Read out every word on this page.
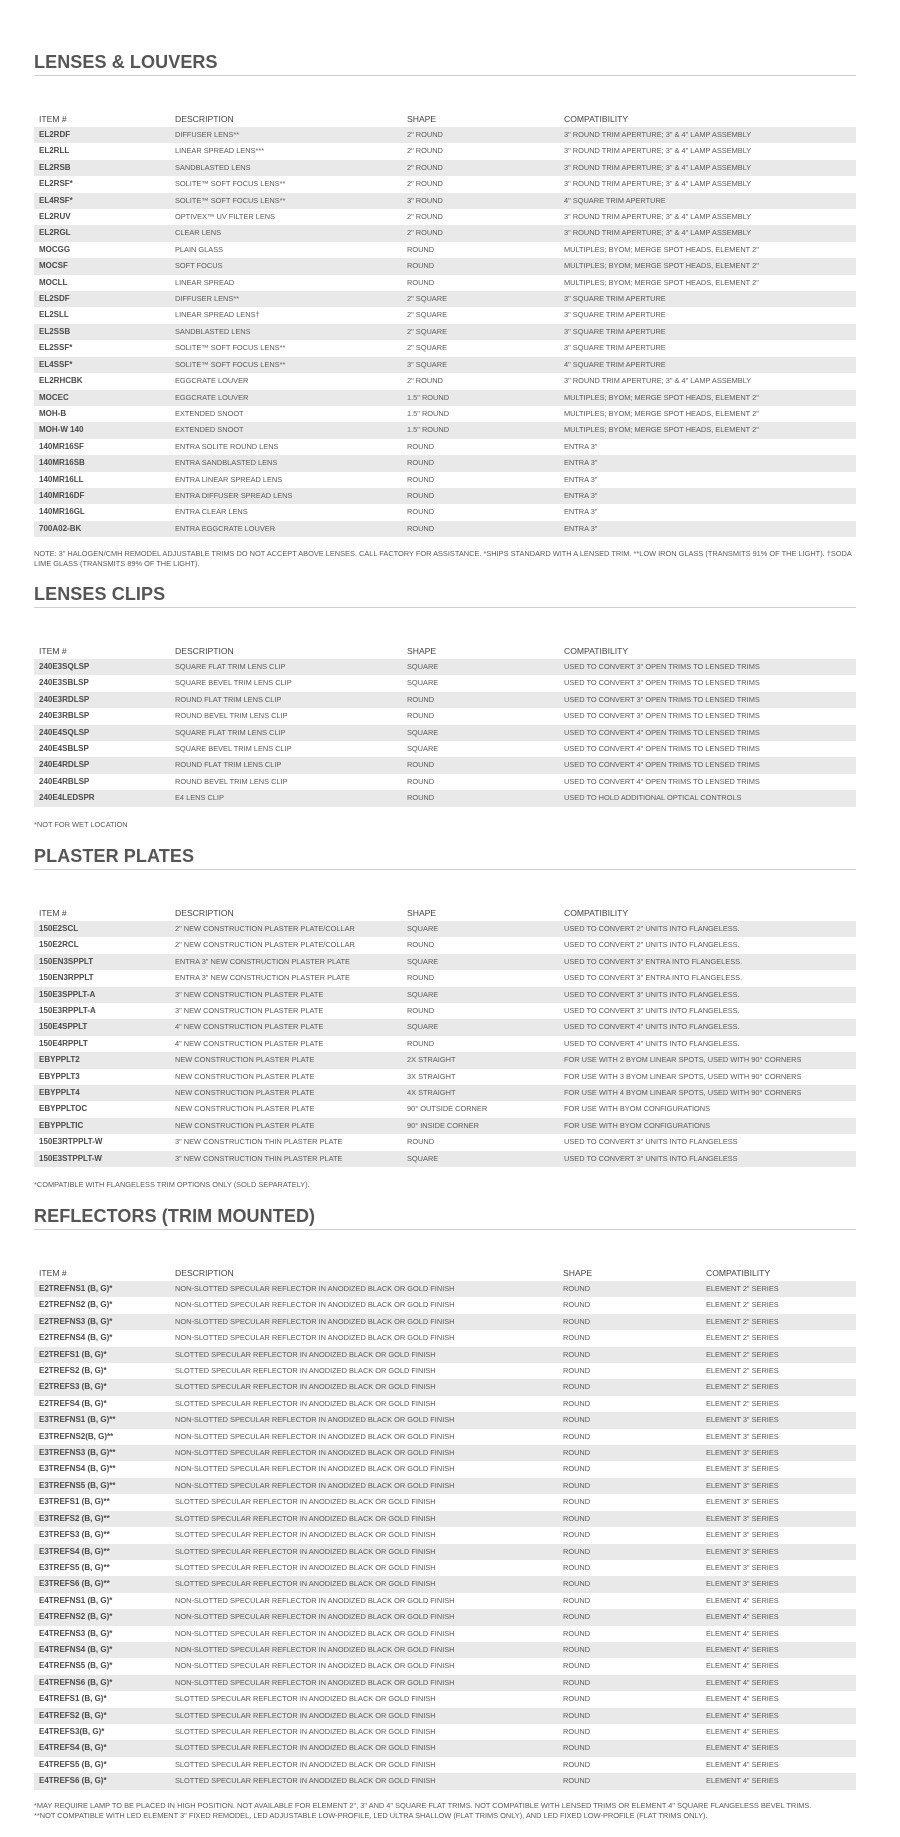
LENSES & LOUVERS
ITEM #	DESCRIPTION	SHAPE	COMPATIBILITY
EL2RDF	DIFFUSER LENS**	2" ROUND	3" ROUND TRIM APERTURE; 3" & 4" LAMP ASSEMBLY
EL2RLL	LINEAR SPREAD LENS***	2" ROUND	3" ROUND TRIM APERTURE; 3" & 4" LAMP ASSEMBLY
EL2RSB	SANDBLASTED LENS	2" ROUND	3" ROUND TRIM APERTURE; 3" & 4" LAMP ASSEMBLY
EL2RSF*	SOLITE™ SOFT FOCUS LENS**	2" ROUND	3" ROUND TRIM APERTURE; 3" & 4" LAMP ASSEMBLY
EL4RSF*	SOLITE™ SOFT FOCUS LENS**	3" ROUND	4" SQUARE TRIM APERTURE
EL2RUV	OPTIVEX™ UV FILTER LENS	2" ROUND	3" ROUND TRIM APERTURE; 3" & 4" LAMP ASSEMBLY
EL2RGL	CLEAR LENS	2" ROUND	3" ROUND TRIM APERTURE; 3" & 4" LAMP ASSEMBLY
MOCGG	PLAIN GLASS	ROUND	MULTIPLES; BYOM; MERGE SPOT HEADS, ELEMENT 2"
MOCSF	SOFT FOCUS	ROUND	MULTIPLES; BYOM; MERGE SPOT HEADS, ELEMENT 2"
MOCLL	LINEAR SPREAD	ROUND	MULTIPLES; BYOM; MERGE SPOT HEADS, ELEMENT 2"
EL2SDF	DIFFUSER LENS**	2" SQUARE	3" SQUARE TRIM APERTURE
EL2SLL	LINEAR SPREAD LENS†	2" SQUARE	3" SQUARE TRIM APERTURE
EL2SSB	SANDBLASTED LENS	2" SQUARE	3" SQUARE TRIM APERTURE
EL2SSF*	SOLITE™ SOFT FOCUS LENS**	2" SQUARE	3" SQUARE TRIM APERTURE
EL4SSF*	SOLITE™ SOFT FOCUS LENS**	3" SQUARE	4" SQUARE TRIM APERTURE
EL2RHCBK	EGGCRATE LOUVER	2" ROUND	3" ROUND TRIM APERTURE; 3" & 4" LAMP ASSEMBLY
MOCEC	EGGCRATE LOUVER	1.5" ROUND	MULTIPLES; BYOM; MERGE SPOT HEADS, ELEMENT 2"
MOH-B	EXTENDED SNOOT	1.5" ROUND	MULTIPLES; BYOM; MERGE SPOT HEADS, ELEMENT 2"
MOH-W 140	EXTENDED SNOOT	1.5" ROUND	MULTIPLES; BYOM; MERGE SPOT HEADS, ELEMENT 2"
140MR16SF	ENTRA SOLITE ROUND LENS	ROUND	ENTRA 3"
140MR16SB	ENTRA SANDBLASTED LENS	ROUND	ENTRA 3"
140MR16LL	ENTRA LINEAR SPREAD LENS	ROUND	ENTRA 3"
140MR16DF	ENTRA DIFFUSER SPREAD LENS	ROUND	ENTRA 3"
140MR16GL	ENTRA CLEAR LENS	ROUND	ENTRA 3"
700A02-BK	ENTRA EGGCRATE LOUVER	ROUND	ENTRA 3"
NOTE: 3" HALOGEN/CMH REMODEL ADJUSTABLE TRIMS DO NOT ACCEPT ABOVE LENSES. CALL FACTORY FOR ASSISTANCE. *SHIPS STANDARD WITH A LENSED TRIM. **LOW IRON GLASS (TRANSMITS 91% OF THE LIGHT). †SODA LIME GLASS (TRANSMITS 89% OF THE LIGHT).
LENSES CLIPS
ITEM #	DESCRIPTION	SHAPE	COMPATIBILITY
240E3SQLSP	SQUARE FLAT TRIM LENS CLIP	SQUARE	USED TO CONVERT 3" OPEN TRIMS TO LENSED TRIMS
240E3SBLSP	SQUARE BEVEL TRIM LENS CLIP	SQUARE	USED TO CONVERT 3" OPEN TRIMS TO LENSED TRIMS
240E3RDLSP	ROUND FLAT TRIM LENS CLIP	ROUND	USED TO CONVERT 3" OPEN TRIMS TO LENSED TRIMS
240E3RBLSP	ROUND BEVEL TRIM LENS CLIP	ROUND	USED TO CONVERT 3" OPEN TRIMS TO LENSED TRIMS
240E4SQLSP	SQUARE FLAT TRIM LENS CLIP	SQUARE	USED TO CONVERT 4" OPEN TRIMS TO LENSED TRIMS
240E4SBLSP	SQUARE BEVEL TRIM LENS CLIP	SQUARE	USED TO CONVERT 4" OPEN TRIMS TO LENSED TRIMS
240E4RDLSP	ROUND FLAT TRIM LENS CLIP	ROUND	USED TO CONVERT 4" OPEN TRIMS TO LENSED TRIMS
240E4RBLSP	ROUND BEVEL TRIM LENS CLIP	ROUND	USED TO CONVERT 4" OPEN TRIMS TO LENSED TRIMS
240E4LEDSPR	E4 LENS CLIP	ROUND	USED TO HOLD ADDITIONAL OPTICAL CONTROLS
*NOT FOR WET LOCATION
PLASTER PLATES
ITEM #	DESCRIPTION	SHAPE	COMPATIBILITY
150E2SCL	2" NEW CONSTRUCTION PLASTER PLATE/COLLAR	SQUARE	USED TO CONVERT 2" UNITS INTO FLANGELESS.
150E2RCL	2" NEW CONSTRUCTION PLASTER PLATE/COLLAR	ROUND	USED TO CONVERT 2" UNITS INTO FLANGELESS.
150EN3SPPLT	ENTRA 3" NEW CONSTRUCTION PLASTER PLATE	SQUARE	USED TO CONVERT 3" ENTRA INTO FLANGELESS.
150EN3RPPLT	ENTRA 3" NEW CONSTRUCTION PLASTER PLATE	ROUND	USED TO CONVERT 3" ENTRA INTO FLANGELESS.
150E3SPPLT-A	3" NEW CONSTRUCTION PLASTER PLATE	SQUARE	USED TO CONVERT 3" UNITS INTO FLANGELESS.
150E3RPPLT-A	3" NEW CONSTRUCTION PLASTER PLATE	ROUND	USED TO CONVERT 3" UNITS INTO FLANGELESS.
150E4SPPLT	4" NEW CONSTRUCTION PLASTER PLATE	SQUARE	USED TO CONVERT 4" UNITS INTO FLANGELESS.
150E4RPPLT	4" NEW CONSTRUCTION PLASTER PLATE	ROUND	USED TO CONVERT 4" UNITS INTO FLANGELESS.
EBYPPLT2	NEW CONSTRUCTION PLASTER PLATE	2X STRAIGHT	FOR USE WITH 2 BYOM LINEAR SPOTS, USED WITH 90° CORNERS
EBYPPLT3	NEW CONSTRUCTION PLASTER PLATE	3X STRAIGHT	FOR USE WITH 3 BYOM LINEAR SPOTS, USED WITH 90° CORNERS
EBYPPLT4	NEW CONSTRUCTION PLASTER PLATE	4X STRAIGHT	FOR USE WITH 4 BYOM LINEAR SPOTS, USED WITH 90° CORNERS
EBYPPLTOC	NEW CONSTRUCTION PLASTER PLATE	90° OUTSIDE CORNER	FOR USE WITH BYOM CONFIGURATIONS
EBYPPLTIC	NEW CONSTRUCTION PLASTER PLATE	90° INSIDE CORNER	FOR USE WITH BYOM CONFIGURATIONS
150E3RTPPLT-W	3" NEW CONSTRUCTION THIN PLASTER PLATE	ROUND	USED TO CONVERT 3" UNITS INTO FLANGELESS
150E3STPPLT-W	3" NEW CONSTRUCTION THIN PLASTER PLATE	SQUARE	USED TO CONVERT 3" UNITS INTO FLANGELESS
*COMPATIBLE WITH FLANGELESS TRIM OPTIONS ONLY (SOLD SEPARATELY).
REFLECTORS (TRIM MOUNTED)
ITEM #	DESCRIPTION	SHAPE	COMPATIBILITY
E2TREFNS1 (B, G)*	NON-SLOTTED SPECULAR REFLECTOR IN ANODIZED BLACK OR GOLD FINISH	ROUND	ELEMENT 2" SERIES
E2TREFNS2 (B, G)*	NON-SLOTTED SPECULAR REFLECTOR IN ANODIZED BLACK OR GOLD FINISH	ROUND	ELEMENT 2" SERIES
E2TREFNS3 (B, G)*	NON-SLOTTED SPECULAR REFLECTOR IN ANODIZED BLACK OR GOLD FINISH	ROUND	ELEMENT 2" SERIES
E2TREFNS4 (B, G)*	NON-SLOTTED SPECULAR REFLECTOR IN ANODIZED BLACK OR GOLD FINISH	ROUND	ELEMENT 2" SERIES
E2TREFS1 (B, G)*	SLOTTED SPECULAR REFLECTOR IN ANODIZED BLACK OR GOLD FINISH	ROUND	ELEMENT 2" SERIES
E2TREFS2 (B, G)*	SLOTTED SPECULAR REFLECTOR IN ANODIZED BLACK OR GOLD FINISH	ROUND	ELEMENT 2" SERIES
E2TREFS3 (B, G)*	SLOTTED SPECULAR REFLECTOR IN ANODIZED BLACK OR GOLD FINISH	ROUND	ELEMENT 2" SERIES
E2TREFS4 (B, G)*	SLOTTED SPECULAR REFLECTOR IN ANODIZED BLACK OR GOLD FINISH	ROUND	ELEMENT 2" SERIES
E3TREFNS1 (B, G)**	NON-SLOTTED SPECULAR REFLECTOR IN ANODIZED BLACK OR GOLD FINISH	ROUND	ELEMENT 3" SERIES
E3TREFNS2(B, G)**	NON-SLOTTED SPECULAR REFLECTOR IN ANODIZED BLACK OR GOLD FINISH	ROUND	ELEMENT 3" SERIES
E3TREFNS3 (B, G)**	NON-SLOTTED SPECULAR REFLECTOR IN ANODIZED BLACK OR GOLD FINISH	ROUND	ELEMENT 3" SERIES
E3TREFNS4 (B, G)**	NON-SLOTTED SPECULAR REFLECTOR IN ANODIZED BLACK OR GOLD FINISH	ROUND	ELEMENT 3" SERIES
E3TREFNS5 (B, G)**	NON-SLOTTED SPECULAR REFLECTOR IN ANODIZED BLACK OR GOLD FINISH	ROUND	ELEMENT 3" SERIES
E3TREFS1 (B, G)**	SLOTTED SPECULAR REFLECTOR IN ANODIZED BLACK OR GOLD FINISH	ROUND	ELEMENT 3" SERIES
E3TREFS2 (B, G)**	SLOTTED SPECULAR REFLECTOR IN ANODIZED BLACK OR GOLD FINISH	ROUND	ELEMENT 3" SERIES
E3TREFS3 (B, G)**	SLOTTED SPECULAR REFLECTOR IN ANODIZED BLACK OR GOLD FINISH	ROUND	ELEMENT 3" SERIES
E3TREFS4 (B, G)**	SLOTTED SPECULAR REFLECTOR IN ANODIZED BLACK OR GOLD FINISH	ROUND	ELEMENT 3" SERIES
E3TREFS5 (B, G)**	SLOTTED SPECULAR REFLECTOR IN ANODIZED BLACK OR GOLD FINISH	ROUND	ELEMENT 3" SERIES
E3TREFS6 (B, G)**	SLOTTED SPECULAR REFLECTOR IN ANODIZED BLACK OR GOLD FINISH	ROUND	ELEMENT 3" SERIES
E4TREFNS1 (B, G)*	NON-SLOTTED SPECULAR REFLECTOR IN ANODIZED BLACK OR GOLD FINISH	ROUND	ELEMENT 4" SERIES
E4TREFNS2 (B, G)*	NON-SLOTTED SPECULAR REFLECTOR IN ANODIZED BLACK OR GOLD FINISH	ROUND	ELEMENT 4" SERIES
E4TREFNS3 (B, G)*	NON-SLOTTED SPECULAR REFLECTOR IN ANODIZED BLACK OR GOLD FINISH	ROUND	ELEMENT 4" SERIES
E4TREFNS4 (B, G)*	NON-SLOTTED SPECULAR REFLECTOR IN ANODIZED BLACK OR GOLD FINISH	ROUND	ELEMENT 4" SERIES
E4TREFNS5 (B, G)*	NON-SLOTTED SPECULAR REFLECTOR IN ANODIZED BLACK OR GOLD FINISH	ROUND	ELEMENT 4" SERIES
E4TREFNS6 (B, G)*	NON-SLOTTED SPECULAR REFLECTOR IN ANODIZED BLACK OR GOLD FINISH	ROUND	ELEMENT 4" SERIES
E4TREFS1 (B, G)*	SLOTTED SPECULAR REFLECTOR IN ANODIZED BLACK OR GOLD FINISH	ROUND	ELEMENT 4" SERIES
E4TREFS2 (B, G)*	SLOTTED SPECULAR REFLECTOR IN ANODIZED BLACK OR GOLD FINISH	ROUND	ELEMENT 4" SERIES
E4TREFS3(B, G)*	SLOTTED SPECULAR REFLECTOR IN ANODIZED BLACK OR GOLD FINISH	ROUND	ELEMENT 4" SERIES
E4TREFS4 (B, G)*	SLOTTED SPECULAR REFLECTOR IN ANODIZED BLACK OR GOLD FINISH	ROUND	ELEMENT 4" SERIES
E4TREFS5 (B, G)*	SLOTTED SPECULAR REFLECTOR IN ANODIZED BLACK OR GOLD FINISH	ROUND	ELEMENT 4" SERIES
E4TREFS6 (B, G)*	SLOTTED SPECULAR REFLECTOR IN ANODIZED BLACK OR GOLD FINISH	ROUND	ELEMENT 4" SERIES
*MAY REQUIRE LAMP TO BE PLACED IN HIGH POSITION. NOT AVAILABLE FOR ELEMENT 2", 3" AND 4" SQUARE FLAT TRIMS. NOT COMPATIBLE WITH LENSED TRIMS OR ELEMENT 4" SQUARE FLANGELESS BEVEL TRIMS.
**NOT COMPATIBLE WITH LED ELEMENT 3" FIXED REMODEL, LED ADJUSTABLE LOW-PROFILE, LED ULTRA SHALLOW (FLAT TRIMS ONLY), AND LED FIXED LOW-PROFILE (FLAT TRIMS ONLY).
